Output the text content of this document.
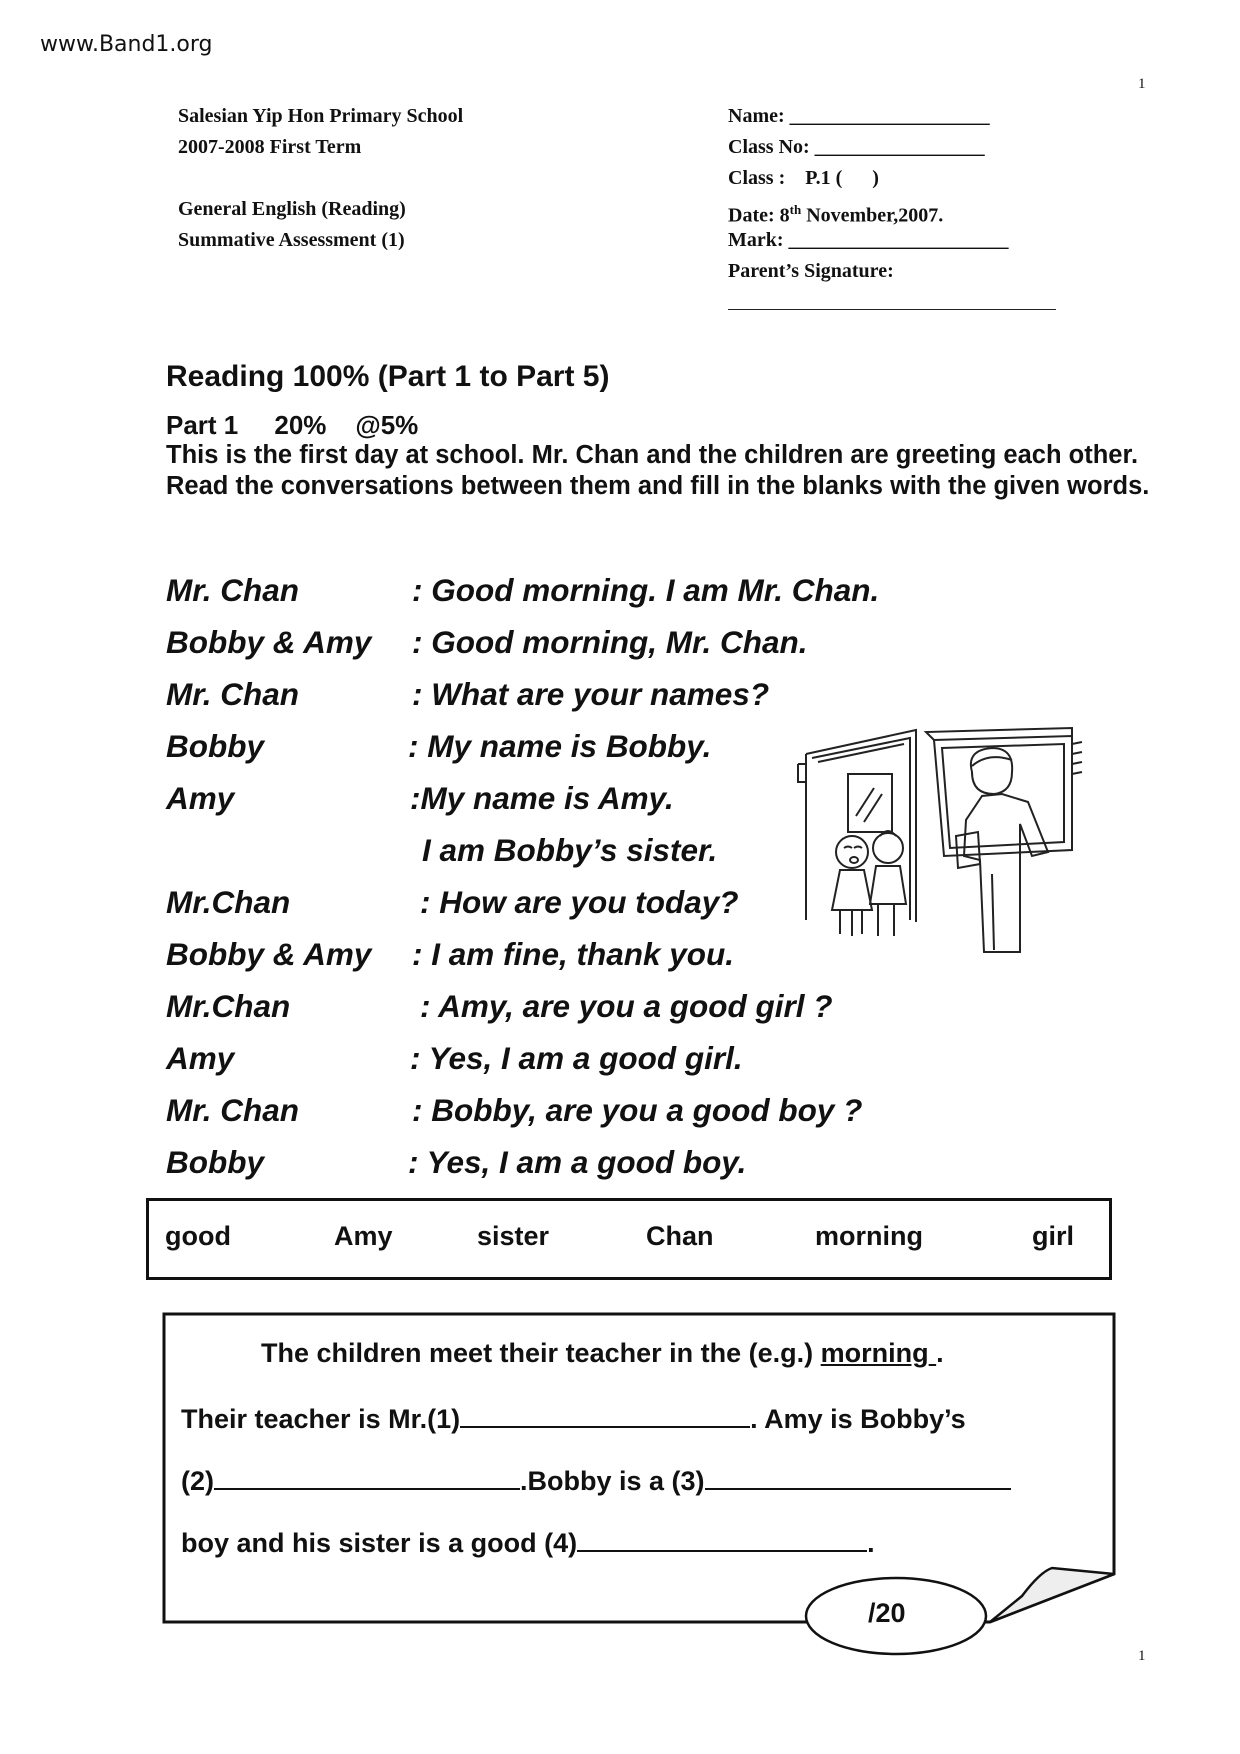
www.Band1.org
1
1
Salesian Yip Hon Primary School
2007-2008 First Term
General English (Reading)
Summative Assessment (1)
Name: ____________________
Class No: _________________
Class :    P.1 (      )
Date: 8th November,2007.
Mark: ______________________
Parent’s Signature:
Reading 100% (Part 1 to Part 5)
Part 1 20% @5%
This is the first day at school. Mr. Chan and the children are greeting each other. Read the conversations between them and fill in the blanks with the given words.
Mr. Chan	: Good morning. I am Mr. Chan.
Bobby & Amy : Good morning, Mr. Chan.
Mr. Chan	: What are your names?
Bobby	: My name is Bobby.
Amy	:My name is Amy.
I am Bobby’s sister.
Mr.Chan	: How are you today?
Bobby & Amy : I am fine, thank you.
Mr.Chan	: Amy, are you a good girl ?
Amy	: Yes, I am a good girl.
Mr. Chan	: Bobby, are you a good boy ?
Bobby	: Yes, I am a good boy.
good	Amy	sister	Chan	morning	girl
The children meet their teacher in the (e.g.) morning .
Their teacher is Mr.(1)	. Amy is Bobby’s
(2)	.Bobby is a (3)
boy and his sister is a good (4)	.
/20
